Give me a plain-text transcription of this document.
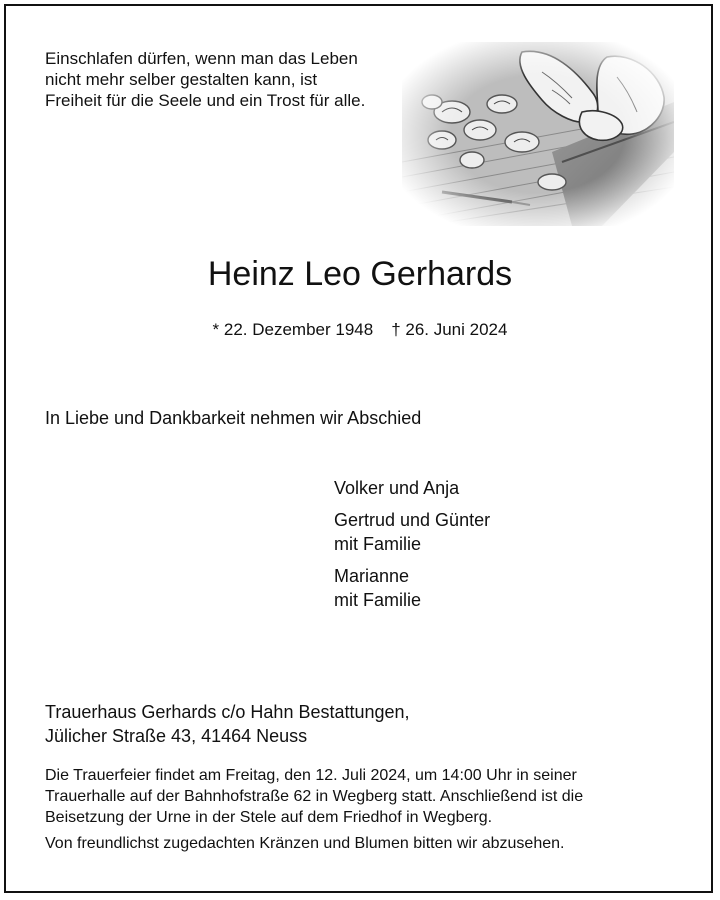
Einschlafen dürfen, wenn man das Leben
nicht mehr selber gestalten kann, ist
Freiheit für die Seele und ein Trost für alle.

Heinz Leo Gerhards
* 22. Dezember 1948 † 26. Juni 2024
In Liebe und Dankbarkeit nehmen wir Abschied
Volker und Anja
Gertrud und Günter
mit Familie
Marianne
mit Familie
Trauerhaus Gerhards c/o Hahn Bestattungen,
Jülicher Straße 43, 41464 Neuss
Die Trauerfeier findet am Freitag, den 12. Juli 2024, um 14:00 Uhr in seiner
Trauerhalle auf der Bahnhofstraße 62 in Wegberg statt. Anschließend ist die
Beisetzung der Urne in der Stele auf dem Friedhof in Wegberg.
Von freundlichst zugedachten Kränzen und Blumen bitten wir abzusehen.
